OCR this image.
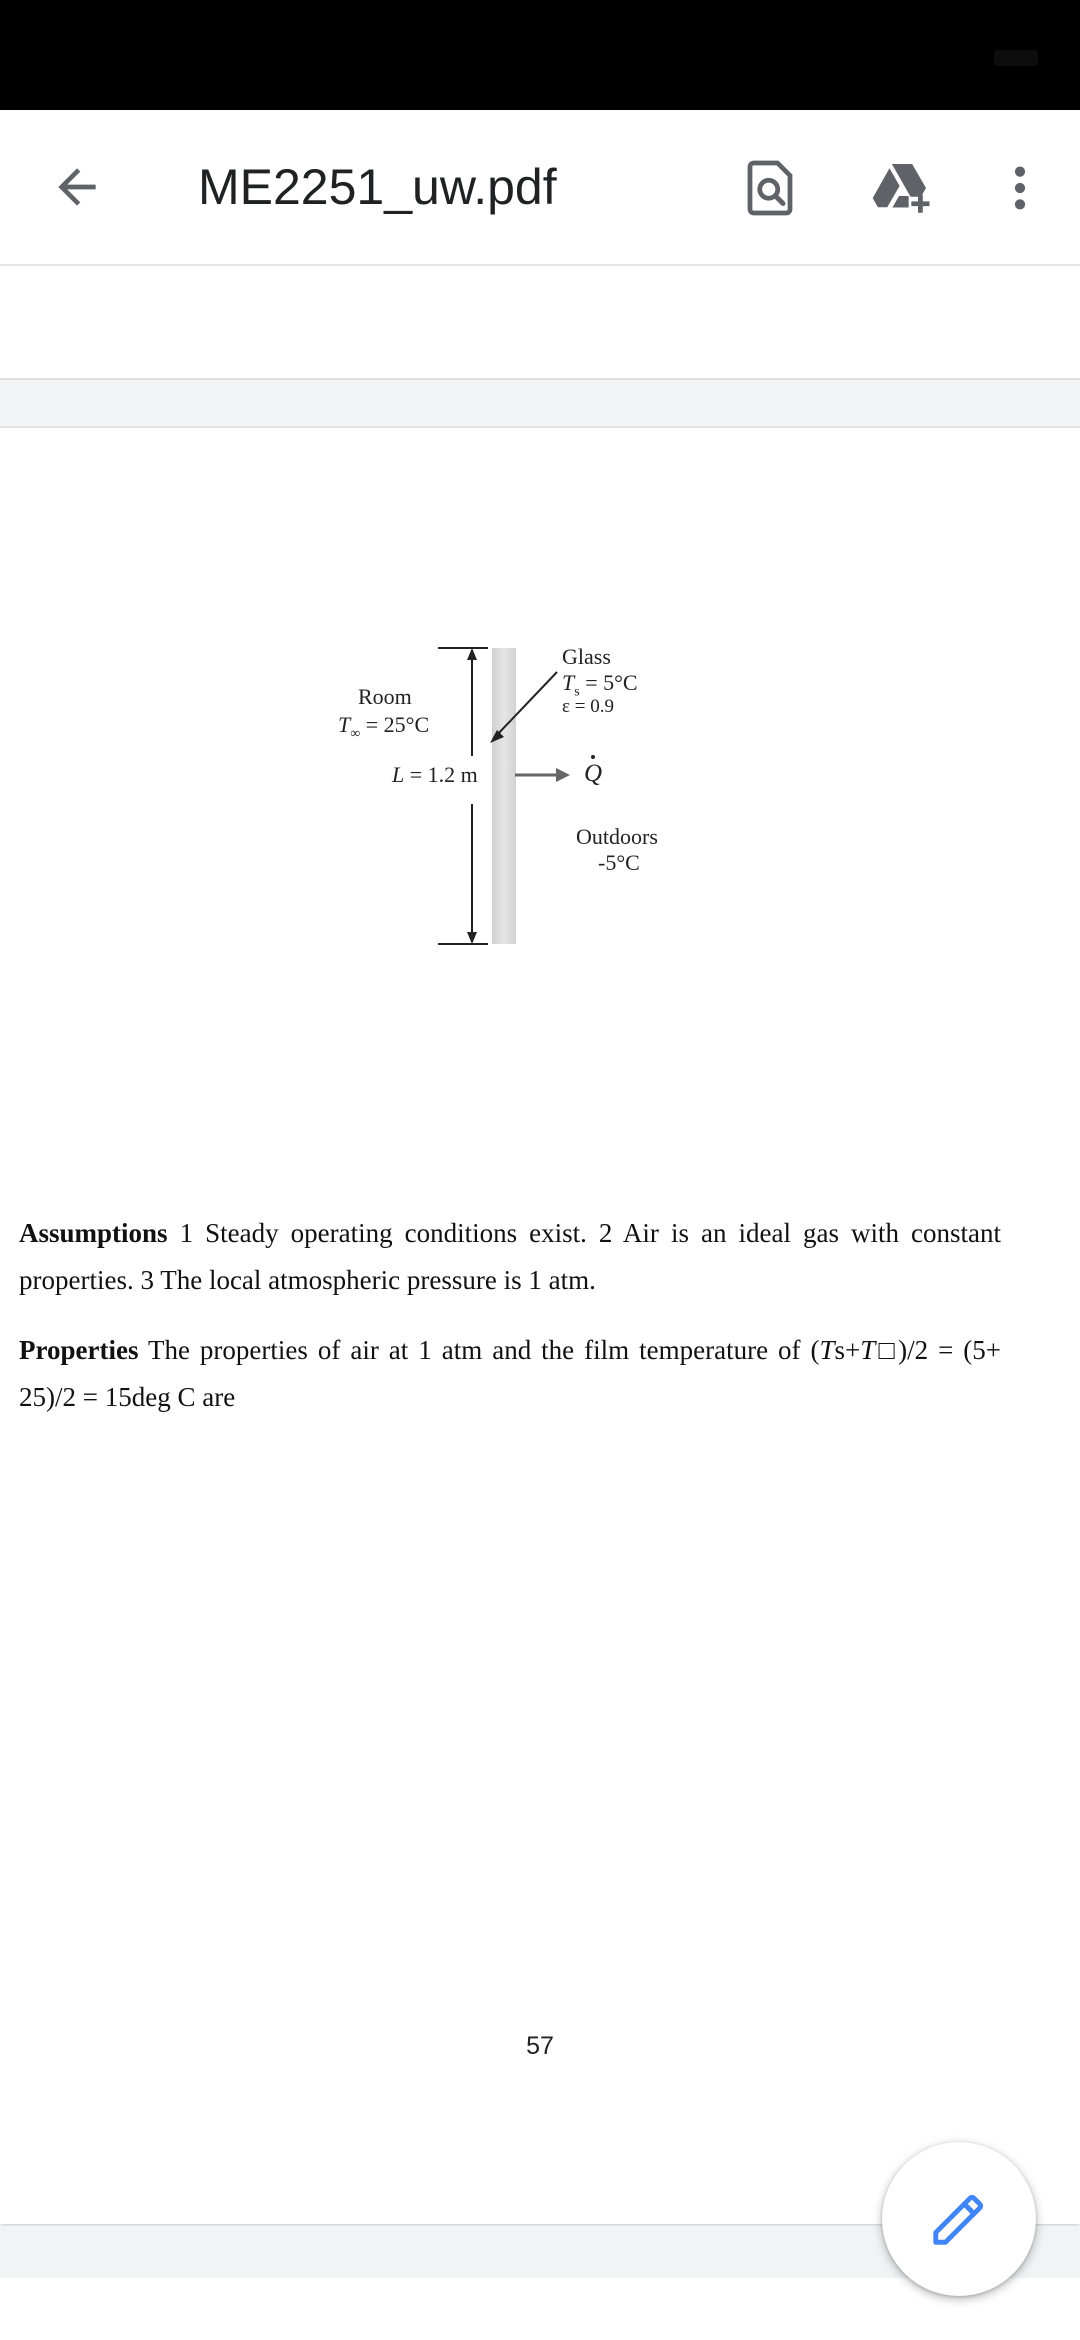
ME2251_uw.pdf
Glass
$T_s = 5^\circ C$
ε = 0.9
Room
$T_\infty = 25^\circ C$
L = 1.2 m	Q
Outdoors
-5°C
Assumptions 1 Steady operating conditions exist. 2 Air is an ideal gas with constant properties. 3 The local atmospheric pressure is 1 atm.
Properties The properties of air at 1 atm and the film temperature of (Ts+T□)/2 = (5+ 25)/2 = 15deg C are
57
